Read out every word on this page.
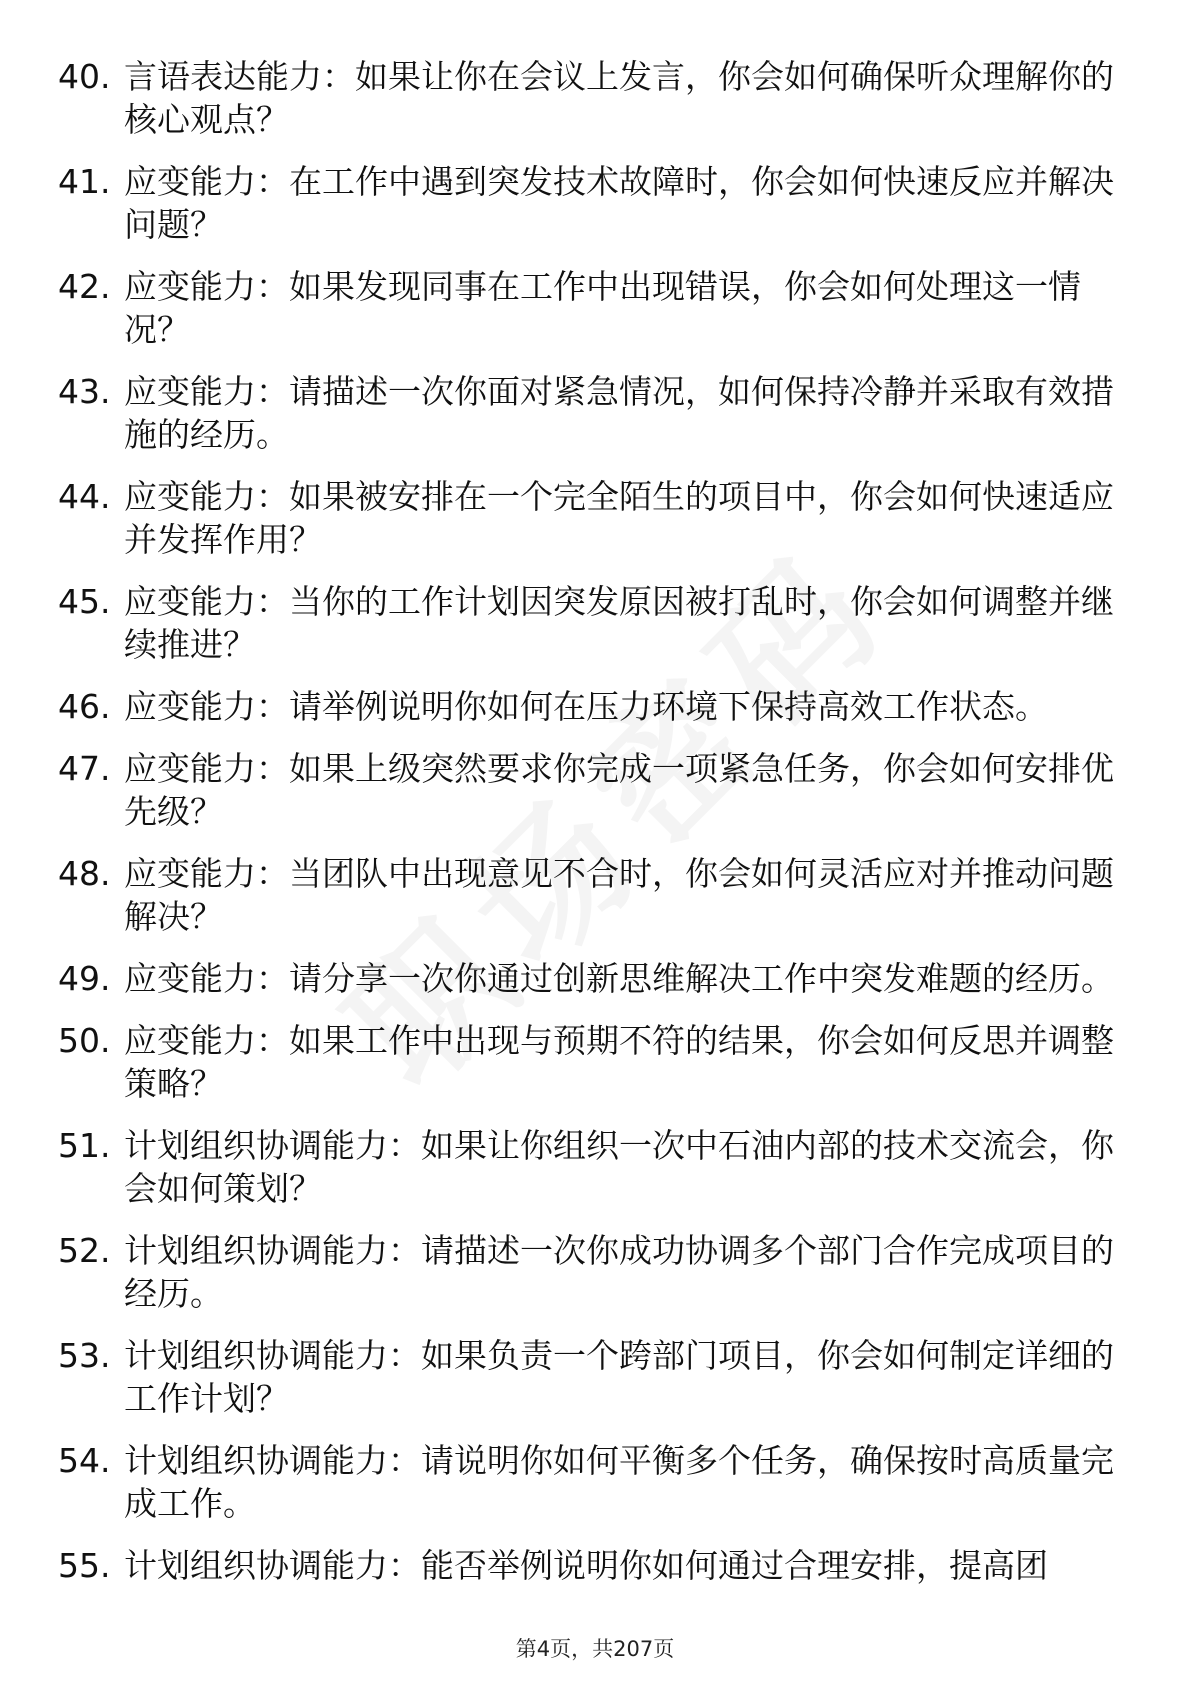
40. 言语表达能力：如果让你在会议上发言，你会如何确保听众理解你的核心观点？
41. 应变能力：在工作中遇到突发技术故障时，你会如何快速反应并解决问题？
42. 应变能力：如果发现同事在工作中出现错误，你会如何处理这一情况？
43. 应变能力：请描述一次你面对紧急情况，如何保持冷静并采取有效措施的经历。
44. 应变能力：如果被安排在一个完全陌生的项目中，你会如何快速适应并发挥作用？
45. 应变能力：当你的工作计划因突发原因被打乱时，你会如何调整并继续推进？
46. 应变能力：请举例说明你如何在压力环境下保持高效工作状态。
47. 应变能力：如果上级突然要求你完成一项紧急任务，你会如何安排优先级？
48. 应变能力：当团队中出现意见不合时，你会如何灵活应对并推动问题解决？
49. 应变能力：请分享一次你通过创新思维解决工作中突发难题的经历。
50. 应变能力：如果工作中出现与预期不符的结果，你会如何反思并调整策略？
51. 计划组织协调能力：如果让你组织一次中石油内部的技术交流会，你会如何策划？
52. 计划组织协调能力：请描述一次你成功协调多个部门合作完成项目的经历。
53. 计划组织协调能力：如果负责一个跨部门项目，你会如何制定详细的工作计划？
54. 计划组织协调能力：请说明你如何平衡多个任务，确保按时高质量完成工作。
55. 计划组织协调能力：能否举例说明你如何通过合理安排，提高团
第4页，共207页
